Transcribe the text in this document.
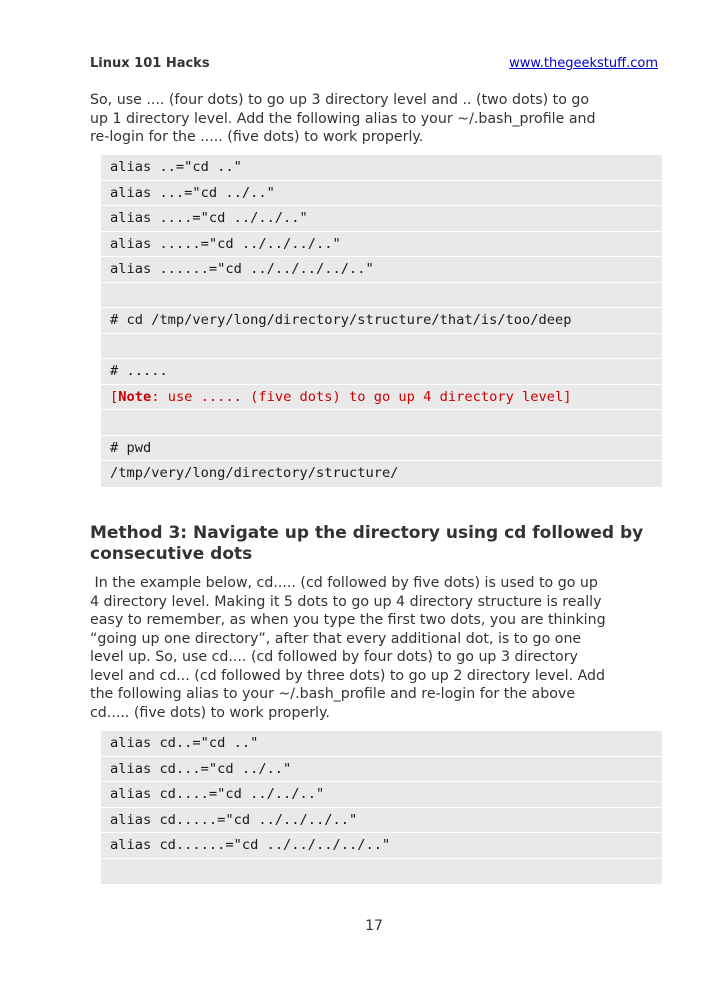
Linux 101 Hacks	www.thegeekstuff.com
So, use .... (four dots) to go up 3 directory level and .. (two dots) to go
up 1 directory level. Add the following alias to your ~/.bash_profile and
re-login for the ..... (five dots) to work properly.
alias ..="cd .."
alias ...="cd ../.."
alias ....="cd ../../.."
alias .....="cd ../../../.."
alias ......="cd ../../../../.."
# cd /tmp/very/long/directory/structure/that/is/too/deep
# .....
[Note: use ..... (five dots) to go up 4 directory level]
# pwd
/tmp/very/long/directory/structure/
Method 3: Navigate up the directory using cd followed by
consecutive dots
In the example below, cd..... (cd followed by five dots) is used to go up
4 directory level. Making it 5 dots to go up 4 directory structure is really
easy to remember, as when you type the first two dots, you are thinking
“going up one directory”, after that every additional dot, is to go one
level up. So, use cd.... (cd followed by four dots) to go up 3 directory
level and cd... (cd followed by three dots) to go up 2 directory level. Add
the following alias to your ~/.bash_profile and re-login for the above
cd..... (five dots) to work properly.
alias cd..="cd .."
alias cd...="cd ../.."
alias cd....="cd ../../.."
alias cd.....="cd ../../../.."
alias cd......="cd ../../../../.."
17
